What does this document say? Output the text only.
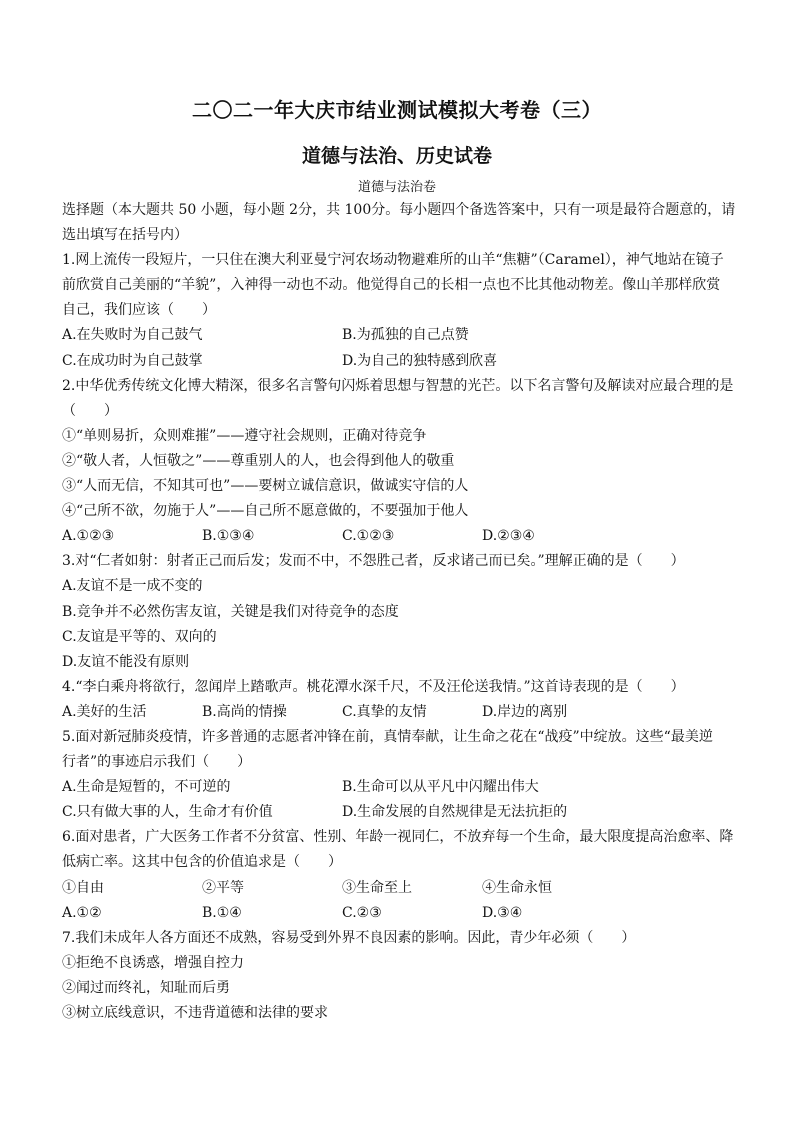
二〇二一年大庆市结业测试模拟大考卷（三）
道德与法治、历史试卷
道德与法治卷
选择题（本大题共 50 小题，每小题 2分，共 100分。每小题四个备选答案中，只有一项是最符合题意的，请
选出填写在括号内）
1.网上流传一段短片，一只住在澳大利亚曼宁河农场动物避难所的山羊“焦糖”（Caramel），神气地站在镜子
前欣赏自己美丽的“羊貌”，入神得一动也不动。他觉得自己的长相一点也不比其他动物差。像山羊那样欣赏
自己，我们应该（　　）
A.在失败时为自己鼓气	B.为孤独的自己点赞
C.在成功时为自己鼓掌	D.为自己的独特感到欣喜
2.中华优秀传统文化博大精深，很多名言警句闪烁着思想与智慧的光芒。以下名言警句及解读对应最合理的是
（　　）
①“单则易折，众则难摧”——遵守社会规则，正确对待竞争
②“敬人者，人恒敬之”——尊重别人的人，也会得到他人的敬重
③“人而无信，不知其可也”——要树立诚信意识，做诚实守信的人
④“己所不欲，勿施于人”——自己所不愿意做的，不要强加于他人
A.①②③	B.①③④	C.①②③	D.②③④
3.对“仁者如射：射者正己而后发；发而不中，不怨胜己者，反求诸己而已矣。”理解正确的是（　　）
A.友谊不是一成不变的
B.竞争并不必然伤害友谊，关键是我们对待竞争的态度
C.友谊是平等的、双向的
D.友谊不能没有原则
4.“李白乘舟将欲行，忽闻岸上踏歌声。桃花潭水深千尺，不及汪伦送我情。”这首诗表现的是（　　）
A.美好的生活	B.高尚的情操	C.真挚的友情	D.岸边的离别
5.面对新冠肺炎疫情，许多普通的志愿者冲锋在前，真情奉献，让生命之花在“战疫”中绽放。这些“最美逆
行者”的事迹启示我们（　　）
A.生命是短暂的，不可逆的	B.生命可以从平凡中闪耀出伟大
C.只有做大事的人，生命才有价值	D.生命发展的自然规律是无法抗拒的
6.面对患者，广大医务工作者不分贫富、性别、年龄一视同仁，不放弃每一个生命，最大限度提高治愈率、降
低病亡率。这其中包含的价值追求是（　　）
①自由	②平等	③生命至上	④生命永恒
A.①②	B.①④	C.②③	D.③④
7.我们未成年人各方面还不成熟，容易受到外界不良因素的影响。因此，青少年必须（　　）
①拒绝不良诱惑，增强自控力
②闻过而终礼，知耻而后勇
③树立底线意识，不违背道德和法律的要求
